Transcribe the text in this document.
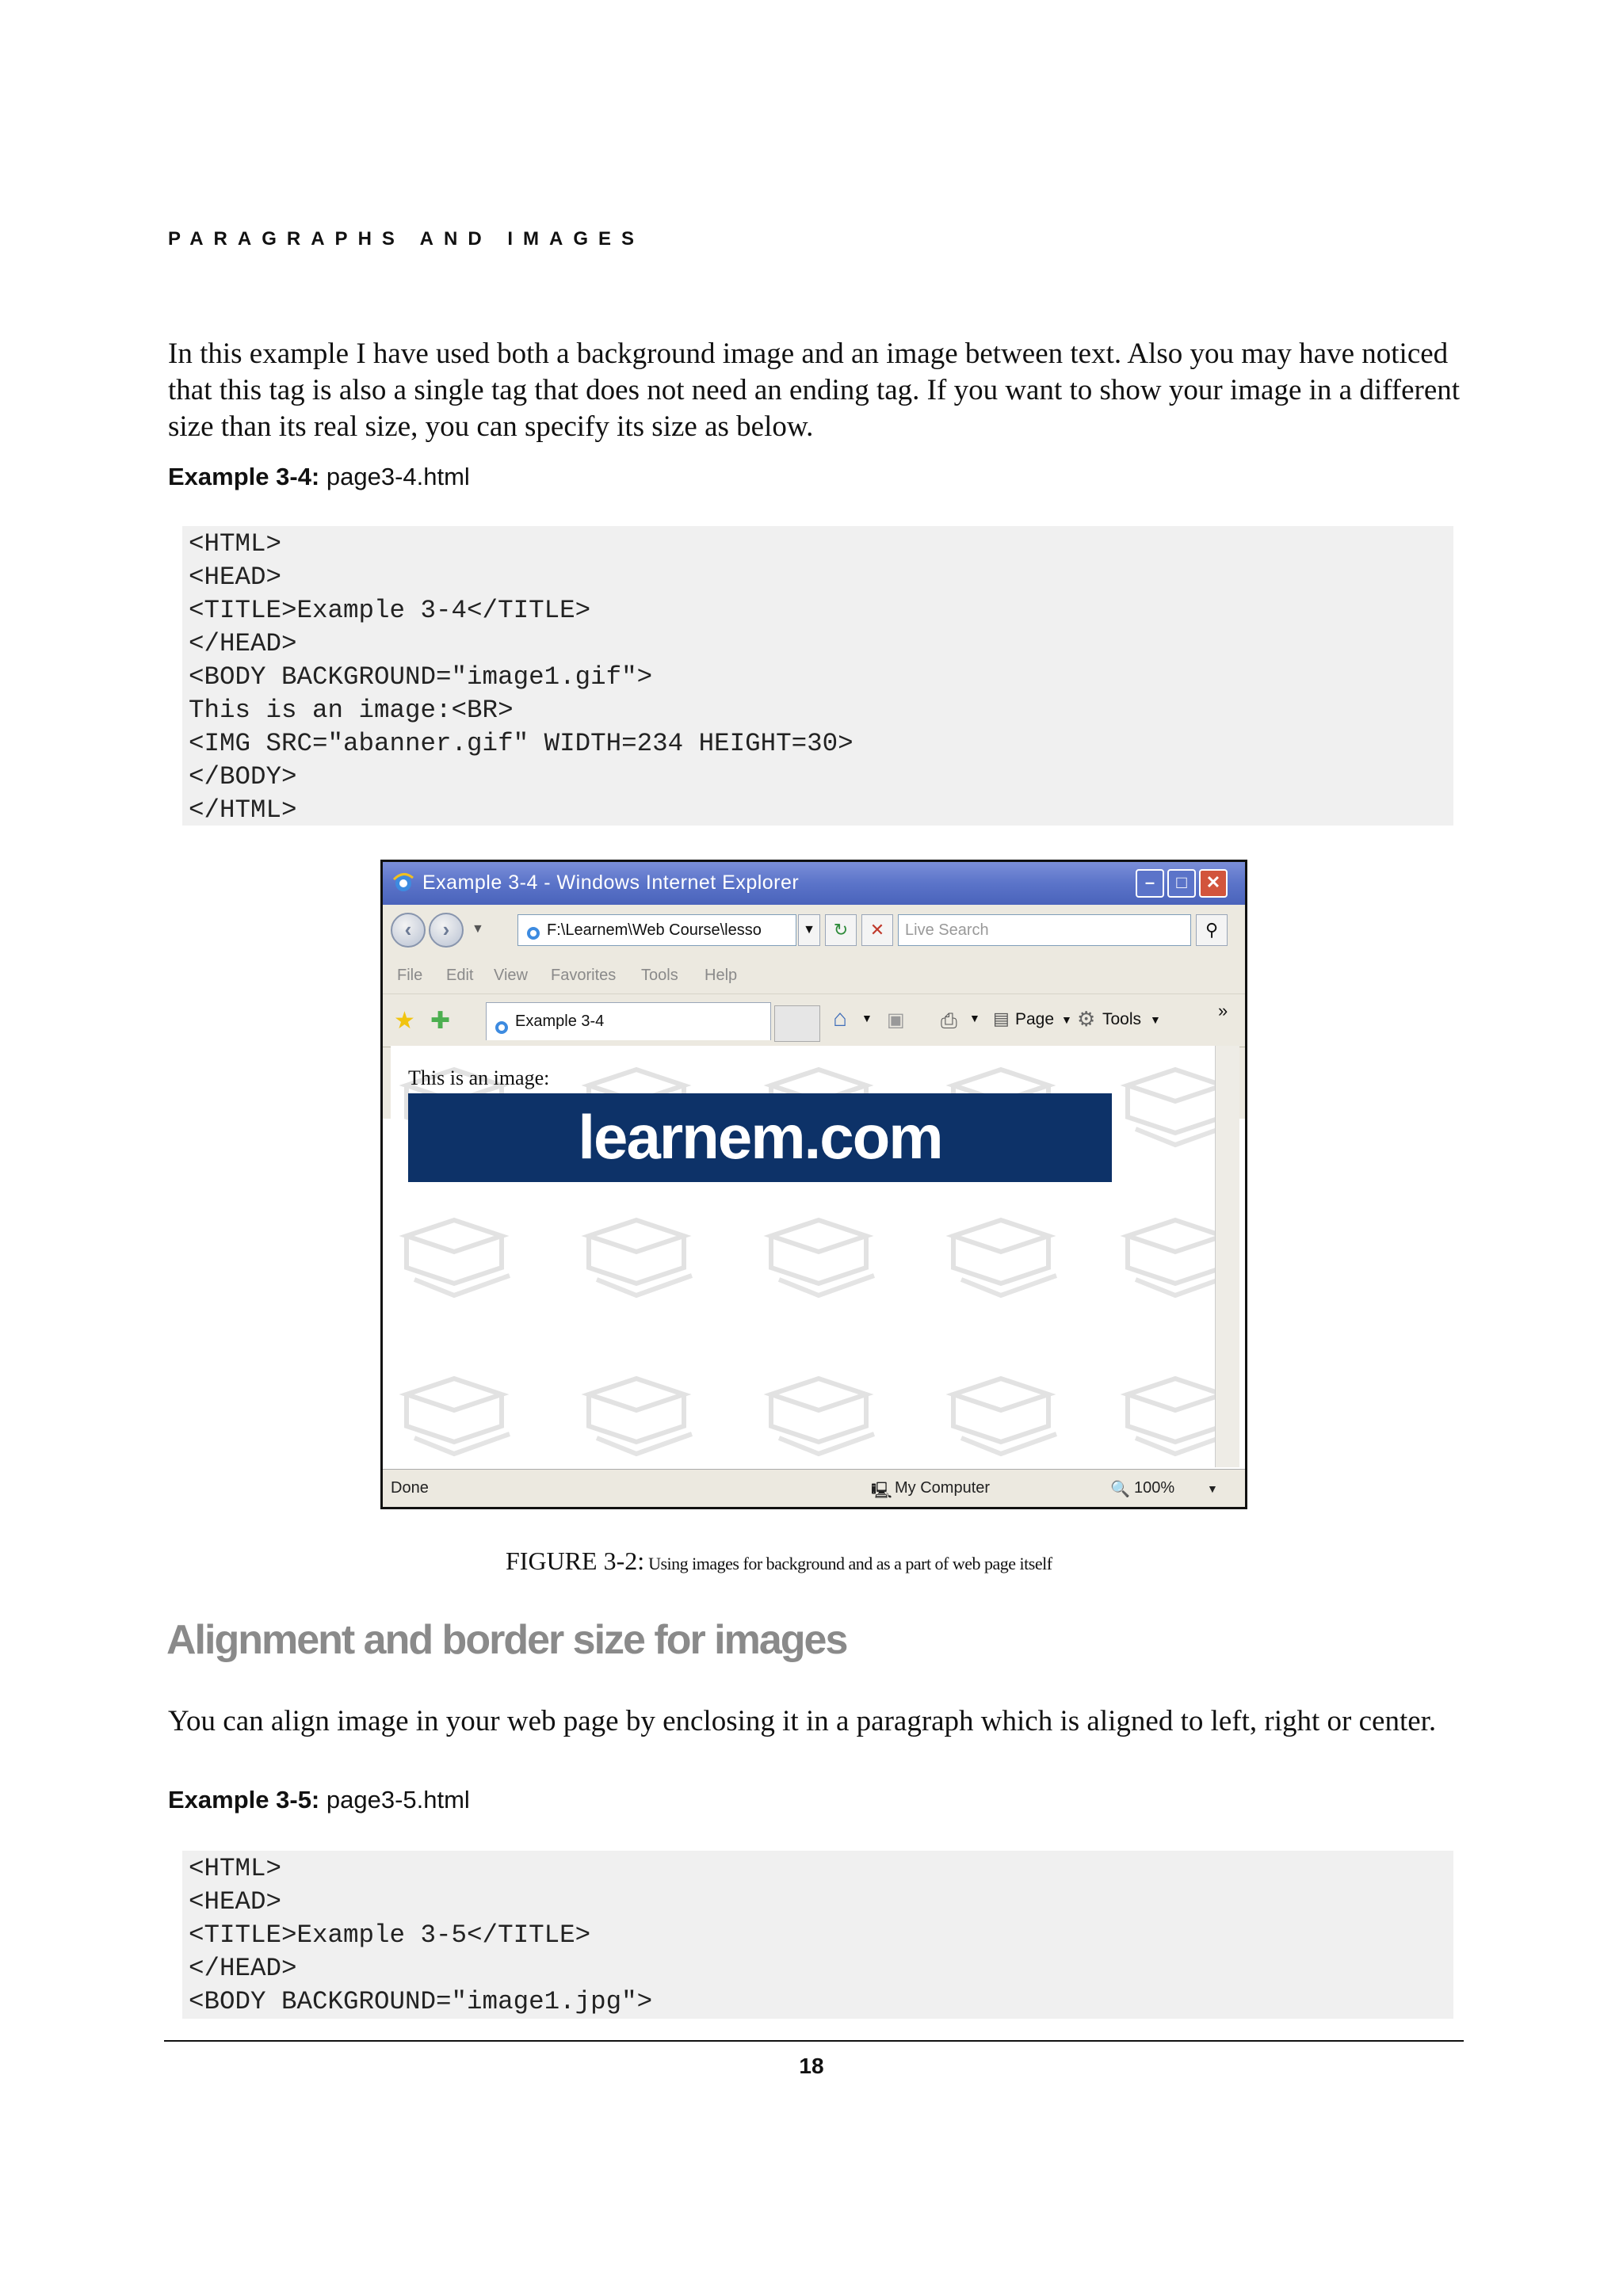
PARAGRAPHS AND IMAGES
In this example I have used both a background image and an image between text. Also you may have noticed
that this tag is also a single tag that does not need an ending tag. If you want to show your image in a different
size than its real size, you can specify its size as below.
Example 3-4: page3-4.html
<HTML>
<HEAD>
<TITLE>Example 3-4</TITLE>
</HEAD>
<BODY BACKGROUND="image1.gif">
This is an image:<BR>
<IMG SRC="abanner.gif" WIDTH=234 HEIGHT=30>
</BODY>
</HTML>
Example 3-4 - Windows Internet Explorer	–	□	✕
‹	›	▼	F:\Learnem\Web Course\lesso	▼	↻	✕	Live Search	⚲
File Edit View Favorites Tools Help
★ ✚	Example 3-4	⌂ ▼ ▣ ⎙ ▼ ▤ Page ▼ ⚙ Tools ▼	»
This is an image:
learnem.com
Done	🖳 My Computer	🔍 100%	▼
FIGURE 3-2: Using images for background and as a part of web page itself
Alignment and border size for images
You can align image in your web page by enclosing it in a paragraph which is aligned to left, right or center.
Example 3-5: page3-5.html
<HTML>
<HEAD>
<TITLE>Example 3-5</TITLE>
</HEAD>
<BODY BACKGROUND="image1.jpg">
18
